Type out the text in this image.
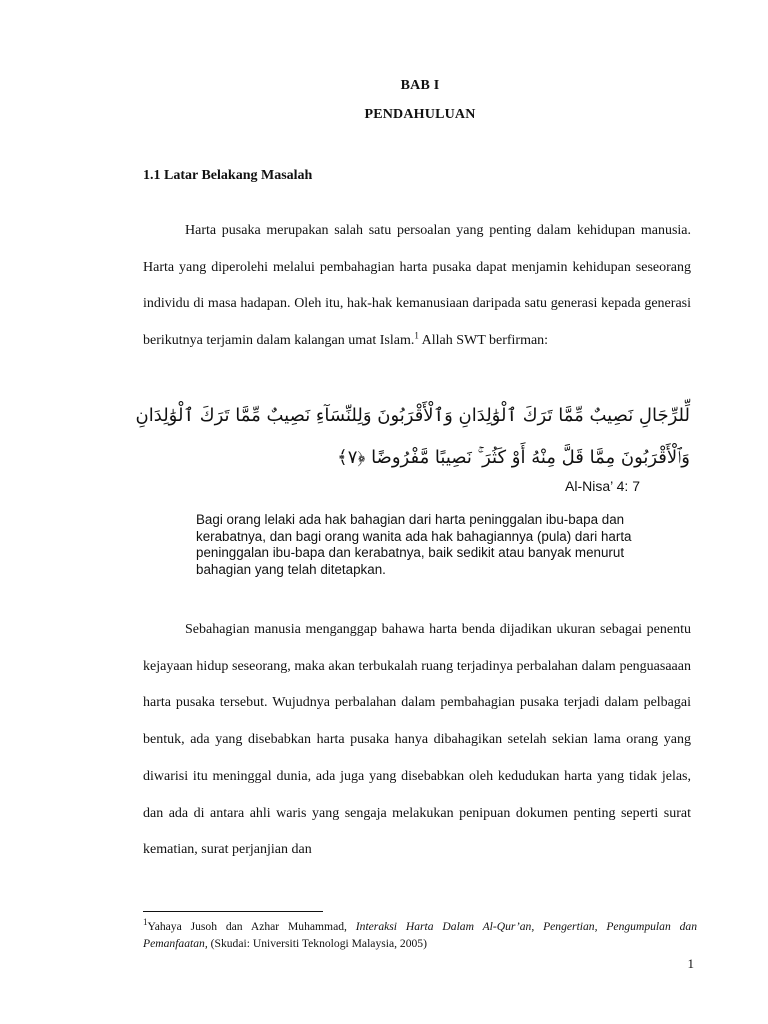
BAB I
PENDAHULUAN
1.1 Latar Belakang Masalah

Harta pusaka merupakan salah satu persoalan yang penting dalam kehidupan manusia. Harta yang diperolehi melalui pembahagian harta pusaka dapat menjamin kehidupan seseorang individu di masa hadapan. Oleh itu, hak-hak kemanusiaan daripada satu generasi kepada generasi berikutnya terjamin dalam kalangan umat Islam.$^1$ Allah SWT berfirman:

لِّلرِّجَالِ نَصِيبٌ مِّمَّا تَرَكَ ٱلْوَٰلِدَانِ وَٱلْأَقْرَبُونَ وَلِلنِّسَآءِ نَصِيبٌ مِّمَّا تَرَكَ ٱلْوَٰلِدَانِ
وَٱلْأَقْرَبُونَ مِمَّا قَلَّ مِنْهُ أَوْ كَثُرَ ۚ نَصِيبًا مَّفْرُوضًا ﴿٧﴾
Al-Nisa’ 4: 7

Bagi orang lelaki ada hak bahagian dari harta peninggalan ibu-bapa dan kerabatnya, dan bagi orang wanita ada hak bahagiannya (pula) dari harta peninggalan ibu-bapa dan kerabatnya, baik sedikit atau banyak menurut bahagian yang telah ditetapkan.

Sebahagian manusia menganggap bahawa harta benda dijadikan ukuran sebagai penentu kejayaan hidup seseorang, maka akan terbukalah ruang terjadinya perbalahan dalam penguasaaan harta pusaka tersebut. Wujudnya perbalahan dalam pembahagian pusaka terjadi dalam pelbagai bentuk, ada yang disebabkan harta pusaka hanya dibahagikan setelah sekian lama orang yang diwarisi itu meninggal dunia, ada juga yang disebabkan oleh kedudukan harta yang tidak jelas, dan ada di antara ahli waris yang sengaja melakukan penipuan dokumen penting seperti surat kematian, surat perjanjian dan

$^1$Yahaya Jusoh dan Azhar Muhammad, Interaksi Harta Dalam Al-Qur’an, Pengertian, Pengumpulan dan Pemanfaatan, (Skudai: Universiti Teknologi Malaysia, 2005)

1
